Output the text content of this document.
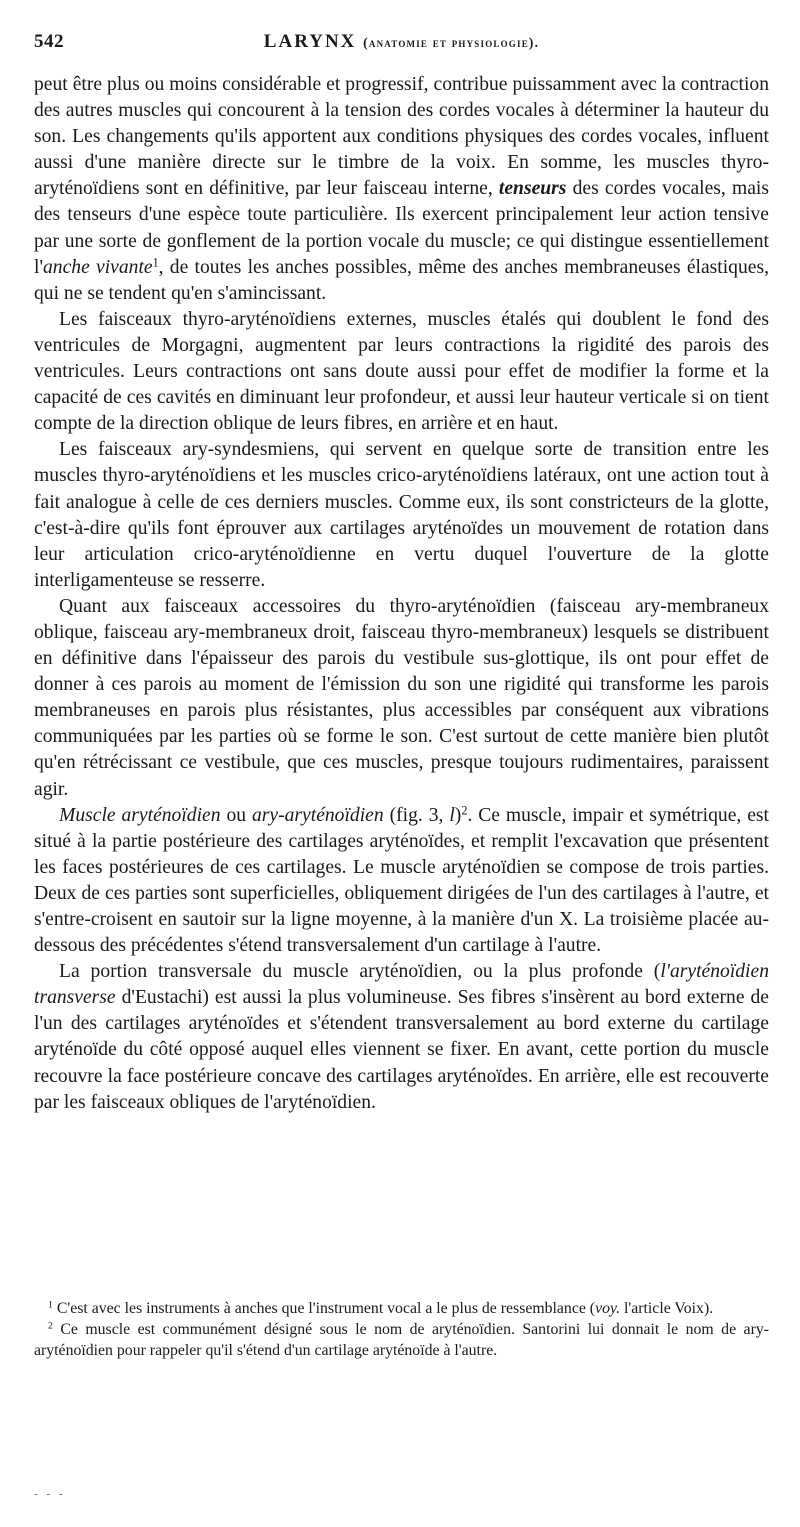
542	LARYNX (anatomie et physiologie).

peut être plus ou moins considérable et progressif, contribue puissamment avec la contraction des autres muscles qui concourent à la tension des cordes vocales à déterminer la hauteur du son. Les changements qu'ils apportent aux conditions physiques des cordes vocales, influent aussi d'une manière directe sur le timbre de la voix. En somme, les muscles thyro-aryténoïdiens sont en définitive, par leur faisceau interne, tenseurs des cordes vocales, mais des tenseurs d'une espèce toute particulière. Ils exercent principalement leur action tensive par une sorte de gonflement de la portion vocale du muscle; ce qui distingue essentiellement l'anche vivante$^1$, de toutes les anches possibles, même des anches membraneuses élastiques, qui ne se tendent qu'en s'amincissant.

Les faisceaux thyro-aryténoïdiens externes, muscles étalés qui doublent le fond des ventricules de Morgagni, augmentent par leurs contractions la rigidité des parois des ventricules. Leurs contractions ont sans doute aussi pour effet de modifier la forme et la capacité de ces cavités en diminuant leur profondeur, et aussi leur hauteur verticale si on tient compte de la direction oblique de leurs fibres, en arrière et en haut.

Les faisceaux ary-syndesmiens, qui servent en quelque sorte de transition entre les muscles thyro-aryténoïdiens et les muscles crico-aryténoïdiens latéraux, ont une action tout à fait analogue à celle de ces derniers muscles. Comme eux, ils sont constricteurs de la glotte, c'est-à-dire qu'ils font éprouver aux cartilages aryténoïdes un mouvement de rotation dans leur articulation crico-aryténoïdienne en vertu duquel l'ouverture de la glotte interligamenteuse se resserre.

Quant aux faisceaux accessoires du thyro-aryténoïdien (faisceau ary-membraneux oblique, faisceau ary-membraneux droit, faisceau thyro-membraneux) lesquels se distribuent en définitive dans l'épaisseur des parois du vestibule sus-glottique, ils ont pour effet de donner à ces parois au moment de l'émission du son une rigidité qui transforme les parois membraneuses en parois plus résistantes, plus accessibles par conséquent aux vibrations communiquées par les parties où se forme le son. C'est surtout de cette manière bien plutôt qu'en rétrécissant ce vestibule, que ces muscles, presque toujours rudimentaires, paraissent agir.

Muscle aryténoïdien ou ary-aryténoïdien (fig. 3, l)$^2$. Ce muscle, impair et symétrique, est situé à la partie postérieure des cartilages aryténoïdes, et remplit l'excavation que présentent les faces postérieures de ces cartilages. Le muscle aryténoïdien se compose de trois parties. Deux de ces parties sont superficielles, obliquement dirigées de l'un des cartilages à l'autre, et s'entre-croisent en sautoir sur la ligne moyenne, à la manière d'un X. La troisième placée au-dessous des précédentes s'étend transversalement d'un cartilage à l'autre.

La portion transversale du muscle aryténoïdien, ou la plus profonde (l'aryténoïdien transverse d'Eustachi) est aussi la plus volumineuse. Ses fibres s'insèrent au bord externe de l'un des cartilages aryténoïdes et s'étendent transversalement au bord externe du cartilage aryténoïde du côté opposé auquel elles viennent se fixer. En avant, cette portion du muscle recouvre la face postérieure concave des cartilages aryténoïdes. En arrière, elle est recouverte par les faisceaux obliques de l'aryténoïdien.

$^1$ C'est avec les instruments à anches que l'instrument vocal a le plus de ressemblance (voy. l'article Voix).

$^2$ Ce muscle est communément désigné sous le nom de aryténoïdien. Santorini lui donnait le nom de ary-aryténoïdien pour rappeler qu'il s'étend d'un cartilage aryténoïde à l'autre.

- - -
